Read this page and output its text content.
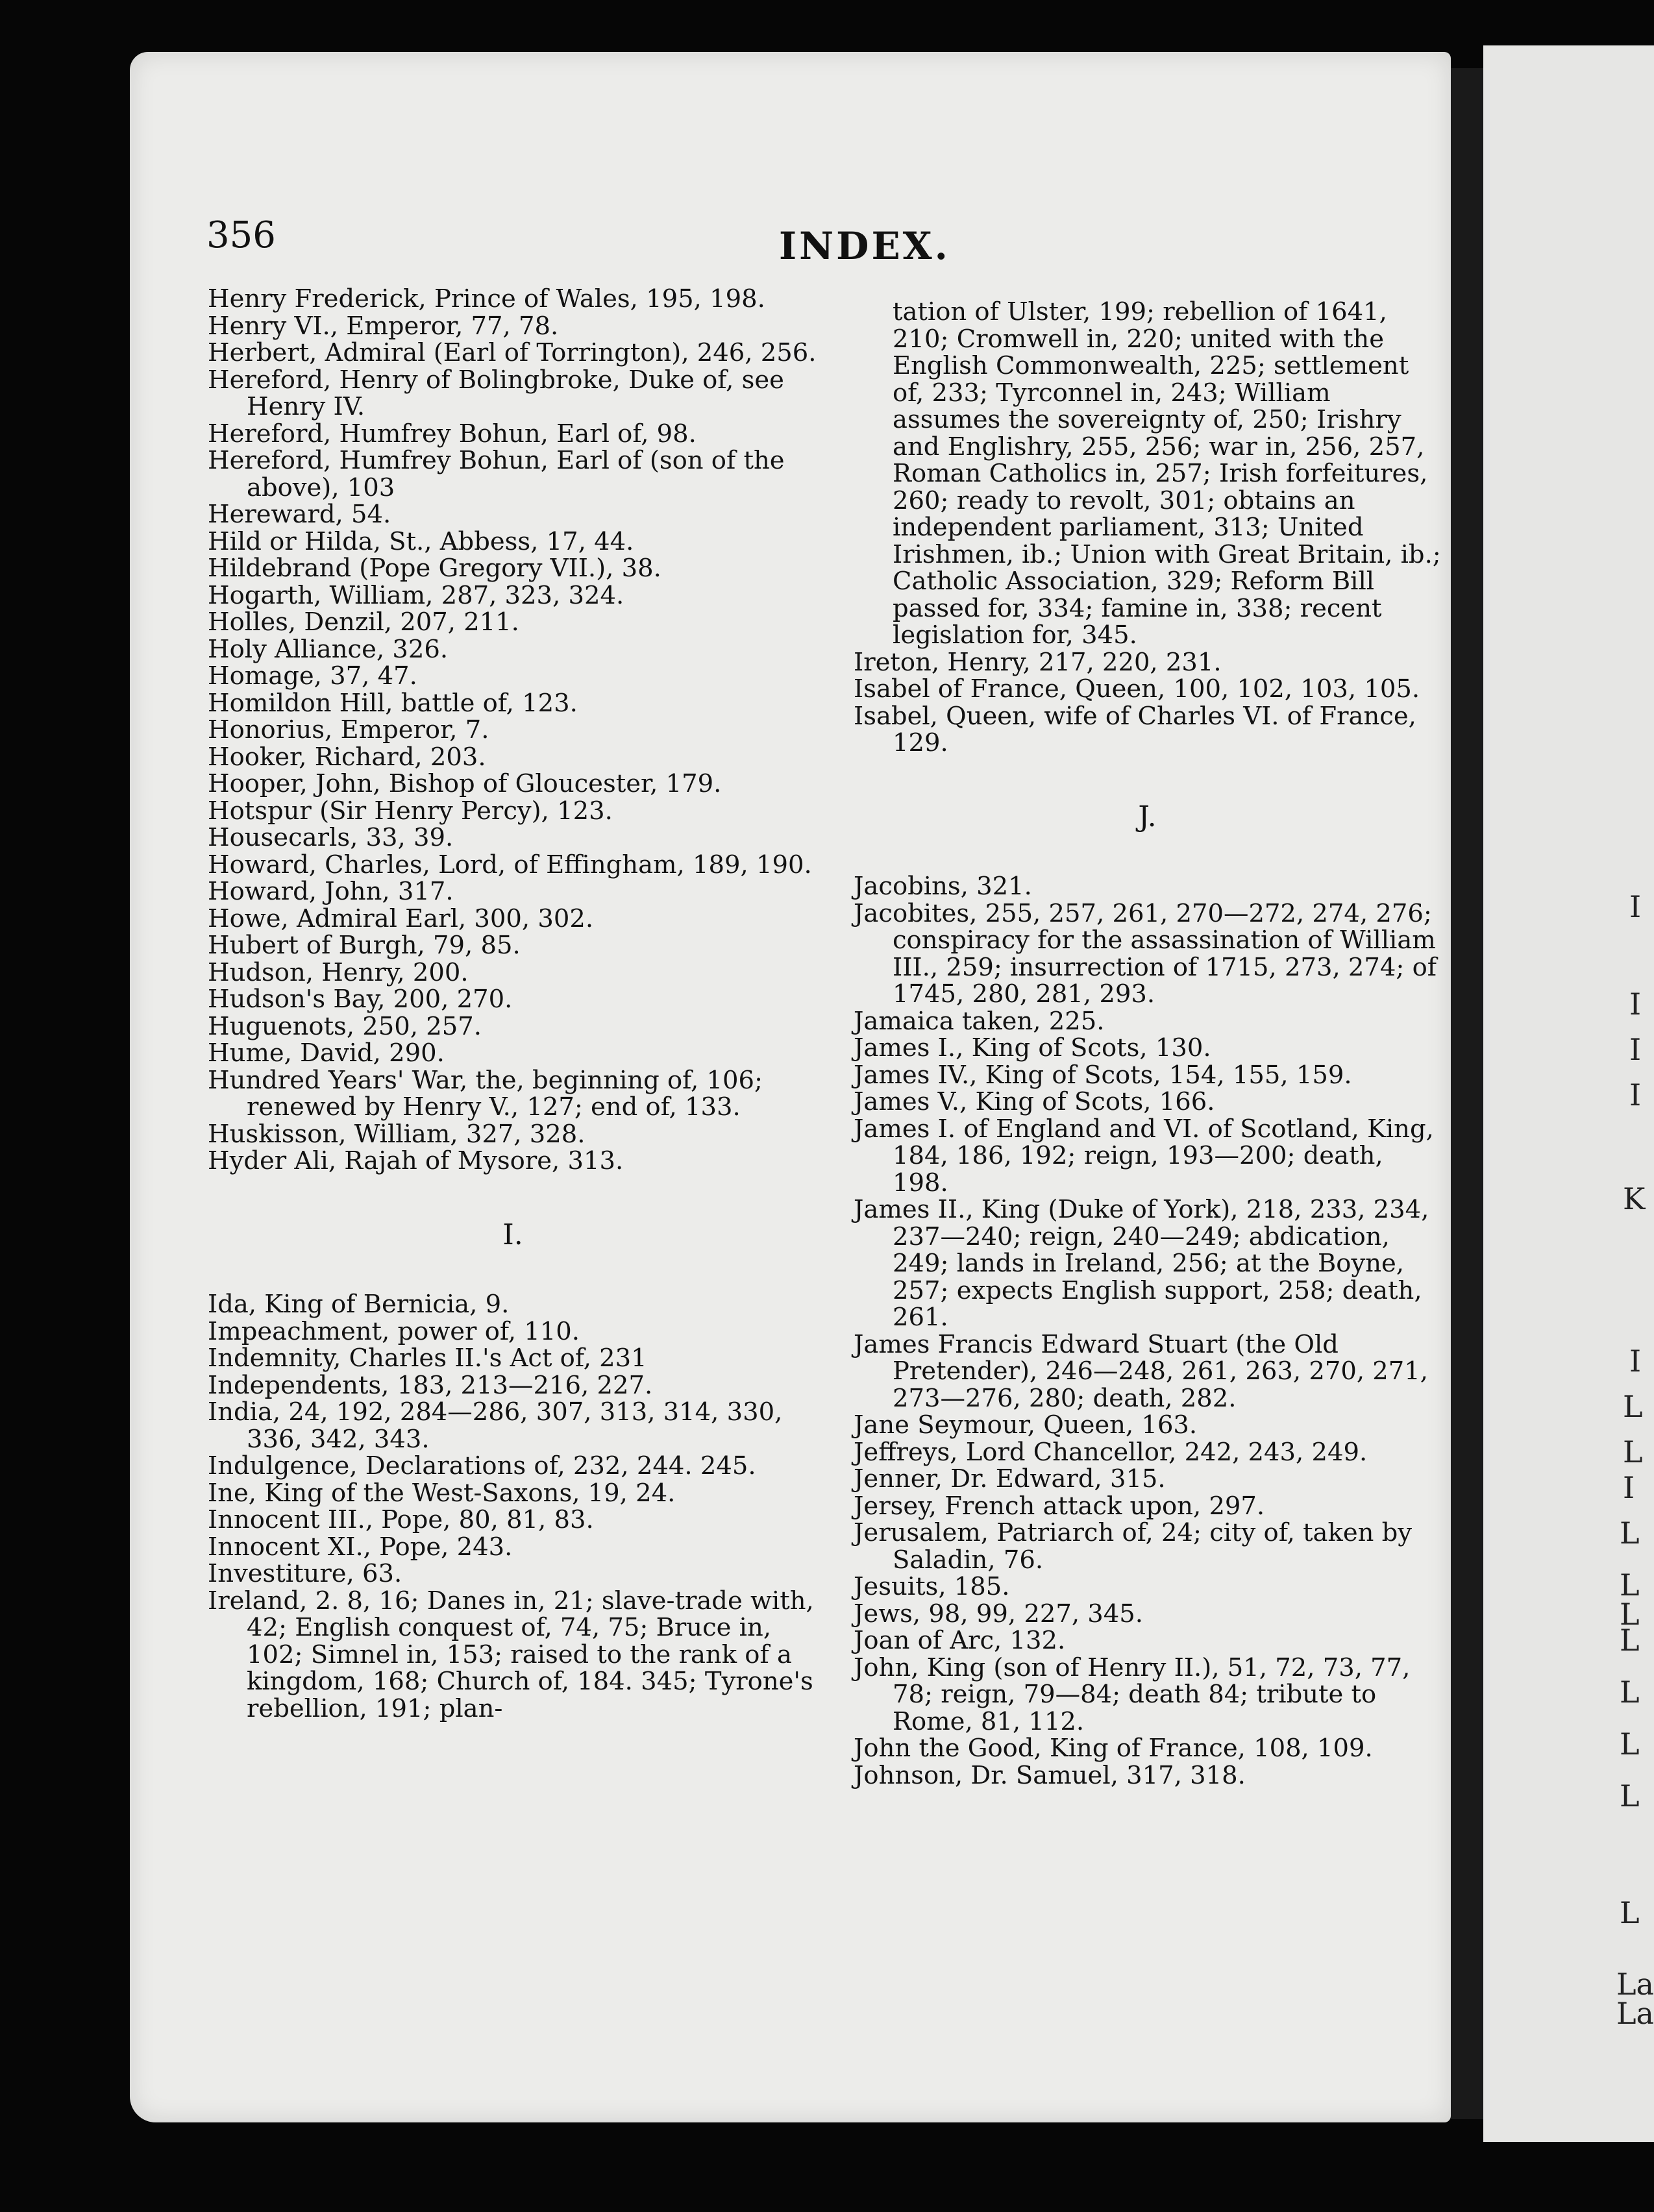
I
I
I
I
K
I
L
L
I
L
L
L
L
L
L
L
L
La
La
356	INDEX.

Henry Frederick, Prince of Wales, 195, 198.

Henry VI., Emperor, 77, 78.

Herbert, Admiral (Earl of Torrington), 246, 256.

Hereford, Henry of Bolingbroke, Duke of, see Henry IV.

Hereford, Humfrey Bohun, Earl of, 98.

Hereford, Humfrey Bohun, Earl of (son of the above), 103

Hereward, 54.

Hild or Hilda, St., Abbess, 17, 44.

Hildebrand (Pope Gregory VII.), 38.

Hogarth, William, 287, 323, 324.

Holles, Denzil, 207, 211.

Holy Alliance, 326.

Homage, 37, 47.

Homildon Hill, battle of, 123.

Honorius, Emperor, 7.

Hooker, Richard, 203.

Hooper, John, Bishop of Gloucester, 179.

Hotspur (Sir Henry Percy), 123.

Housecarls, 33, 39.

Howard, Charles, Lord, of Effingham, 189, 190.

Howard, John, 317.

Howe, Admiral Earl, 300, 302.

Hubert of Burgh, 79, 85.

Hudson, Henry, 200.

Hudson's Bay, 200, 270.

Huguenots, 250, 257.

Hume, David, 290.

Hundred Years' War, the, beginning of, 106; renewed by Henry V., 127; end of, 133.

Huskisson, William, 327, 328.

Hyder Ali, Rajah of Mysore, 313.

I.

Ida, King of Bernicia, 9.

Impeachment, power of, 110.

Indemnity, Charles II.'s Act of, 231

Independents, 183, 213—216, 227.

India, 24, 192, 284—286, 307, 313, 314, 330, 336, 342, 343.

Indulgence, Declarations of, 232, 244. 245.

Ine, King of the West-Saxons, 19, 24.

Innocent III., Pope, 80, 81, 83.

Innocent XI., Pope, 243.

Investiture, 63.

Ireland, 2. 8, 16; Danes in, 21; slave-trade with, 42; English conquest of, 74, 75; Bruce in, 102; Simnel in, 153; raised to the rank of a kingdom, 168; Church of, 184. 345; Tyrone's rebellion, 191; plan-

tation of Ulster, 199; rebellion of 1641, 210; Cromwell in, 220; united with the English Commonwealth, 225; settlement of, 233; Tyrconnel in, 243; William assumes the sovereignty of, 250; Irishry and Englishry, 255, 256; war in, 256, 257, Roman Catholics in, 257; Irish forfeitures, 260; ready to revolt, 301; obtains an independent parliament, 313; United Irishmen, ib.; Union with Great Britain, ib.; Catholic Association, 329; Reform Bill passed for, 334; famine in, 338; recent legislation for, 345.

Ireton, Henry, 217, 220, 231.

Isabel of France, Queen, 100, 102, 103, 105.

Isabel, Queen, wife of Charles VI. of France, 129.

J.

Jacobins, 321.

Jacobites, 255, 257, 261, 270—272, 274, 276; conspiracy for the assassination of William III., 259; insurrection of 1715, 273, 274; of 1745, 280, 281, 293.

Jamaica taken, 225.

James I., King of Scots, 130.

James IV., King of Scots, 154, 155, 159.

James V., King of Scots, 166.

James I. of England and VI. of Scotland, King, 184, 186, 192; reign, 193—200; death, 198.

James II., King (Duke of York), 218, 233, 234, 237—240; reign, 240—249; abdication, 249; lands in Ireland, 256; at the Boyne, 257; expects English support, 258; death, 261.

James Francis Edward Stuart (the Old Pretender), 246—248, 261, 263, 270, 271, 273—276, 280; death, 282.

Jane Seymour, Queen, 163.

Jeffreys, Lord Chancellor, 242, 243, 249.

Jenner, Dr. Edward, 315.

Jersey, French attack upon, 297.

Jerusalem, Patriarch of, 24; city of, taken by Saladin, 76.

Jesuits, 185.

Jews, 98, 99, 227, 345.

Joan of Arc, 132.

John, King (son of Henry II.), 51, 72, 73, 77, 78; reign, 79—84; death 84; tribute to Rome, 81, 112.

John the Good, King of France, 108, 109.

Johnson, Dr. Samuel, 317, 318.
